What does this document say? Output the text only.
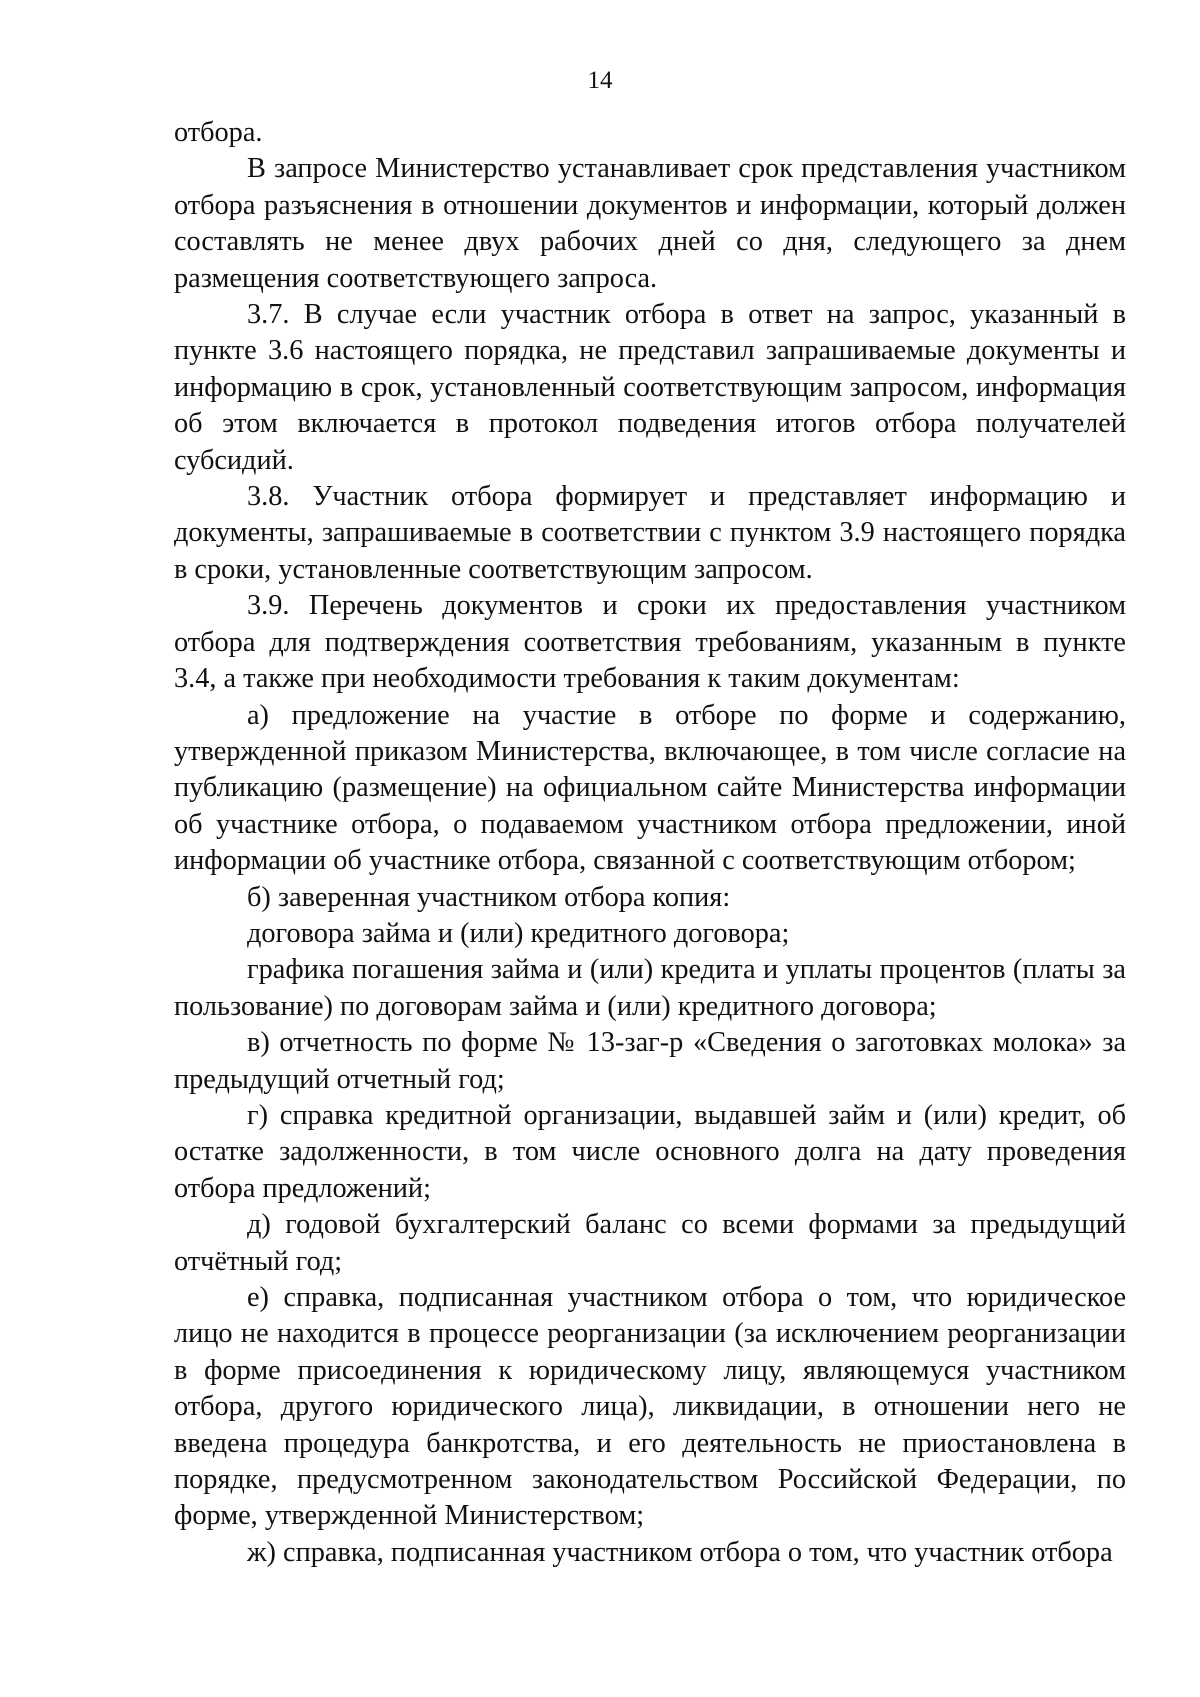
14

отбора.

В запросе Министерство устанавливает срок представления участником отбора разъяснения в отношении документов и информации, который должен составлять не менее двух рабочих дней со дня, следующего за днем размещения соответствующего запроса.

3.7. В случае если участник отбора в ответ на запрос, указанный в пункте 3.6 настоящего порядка, не представил запрашиваемые документы и информацию в срок, установленный соответствующим запросом, информация об этом включается в протокол подведения итогов отбора получателей субсидий.

3.8. Участник отбора формирует и представляет информацию и документы, запрашиваемые в соответствии с пунктом 3.9 настоящего порядка в сроки, установленные соответствующим запросом.

3.9. Перечень документов и сроки их предоставления участником отбора для подтверждения соответствия требованиям, указанным в пункте 3.4, а также при необходимости требования к таким документам:

а) предложение на участие в отборе по форме и содержанию, утвержденной приказом Министерства, включающее, в том числе согласие на публикацию (размещение) на официальном сайте Министерства информации об участнике отбора, о подаваемом участником отбора предложении, иной информации об участнике отбора, связанной с соответствующим отбором;

б) заверенная участником отбора копия:

договора займа и (или) кредитного договора;

графика погашения займа и (или) кредита и уплаты процентов (платы за пользование) по договорам займа и (или) кредитного договора;

в) отчетность по форме № 13-заг-р «Сведения о заготовках молока» за предыдущий отчетный год;

г) справка кредитной организации, выдавшей займ и (или) кредит, об остатке задолженности, в том числе основного долга на дату проведения отбора предложений;

д) годовой бухгалтерский баланс со всеми формами за предыдущий отчётный год;

е) справка, подписанная участником отбора о том, что юридическое лицо не находится в процессе реорганизации (за исключением реорганизации в форме присоединения к юридическому лицу, являющемуся участником отбора, другого юридического лица), ликвидации, в отношении него не введена процедура банкротства, и его деятельность не приостановлена в порядке, предусмотренном законодательством Российской Федерации, по форме, утвержденной Министерством;

ж) справка, подписанная участником отбора о том, что участник отбора
